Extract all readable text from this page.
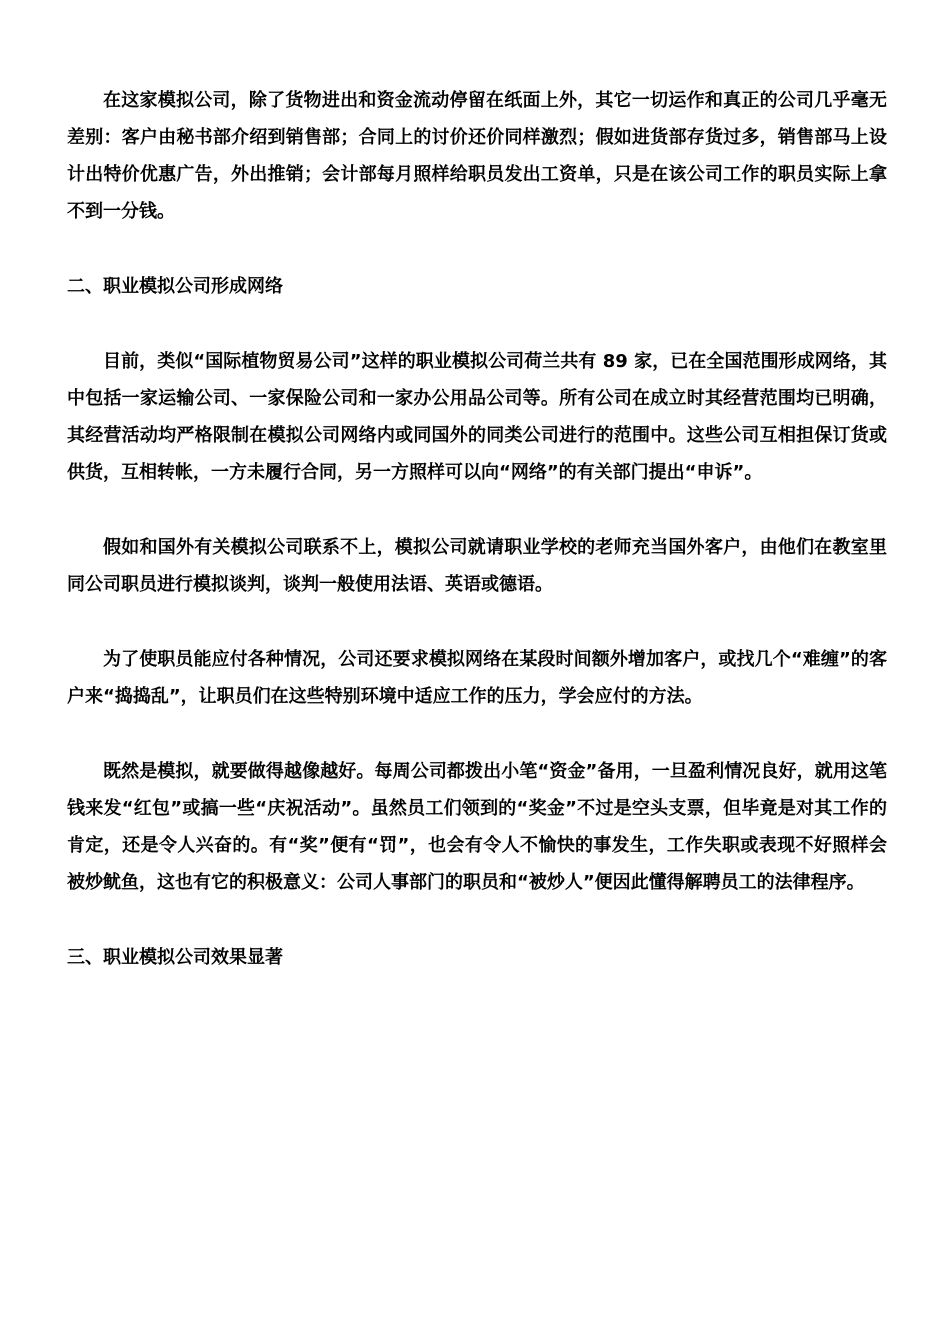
在这家模拟公司，除了货物进出和资金流动停留在纸面上外，其它一切运作和真正的公司几乎毫无差别：客户由秘书部介绍到销售部；合同上的讨价还价同样激烈；假如进货部存货过多，销售部马上设计出特价优惠广告，外出推销；会计部每月照样给职员发出工资单，只是在该公司工作的职员实际上拿不到一分钱。

二、职业模拟公司形成网络

目前，类似“国际植物贸易公司”这样的职业模拟公司荷兰共有 89 家，已在全国范围形成网络，其中包括一家运输公司、一家保险公司和一家办公用品公司等。所有公司在成立时其经营范围均已明确，其经营活动均严格限制在模拟公司网络内或同国外的同类公司进行的范围中。这些公司互相担保订货或供货，互相转帐，一方未履行合同，另一方照样可以向“网络”的有关部门提出“申诉”。

假如和国外有关模拟公司联系不上，模拟公司就请职业学校的老师充当国外客户，由他们在教室里同公司职员进行模拟谈判，谈判一般使用法语、英语或德语。

为了使职员能应付各种情况，公司还要求模拟网络在某段时间额外增加客户，或找几个“难缠”的客户来“捣捣乱”，让职员们在这些特别环境中适应工作的压力，学会应付的方法。

既然是模拟，就要做得越像越好。每周公司都拨出小笔“资金”备用，一旦盈利情况良好，就用这笔钱来发“红包”或搞一些“庆祝活动”。虽然员工们领到的“奖金”不过是空头支票，但毕竟是对其工作的肯定，还是令人兴奋的。有“奖”便有“罚”，也会有令人不愉快的事发生，工作失职或表现不好照样会被炒鱿鱼，这也有它的积极意义：公司人事部门的职员和“被炒人”便因此懂得解聘员工的法律程序。

三、职业模拟公司效果显著
